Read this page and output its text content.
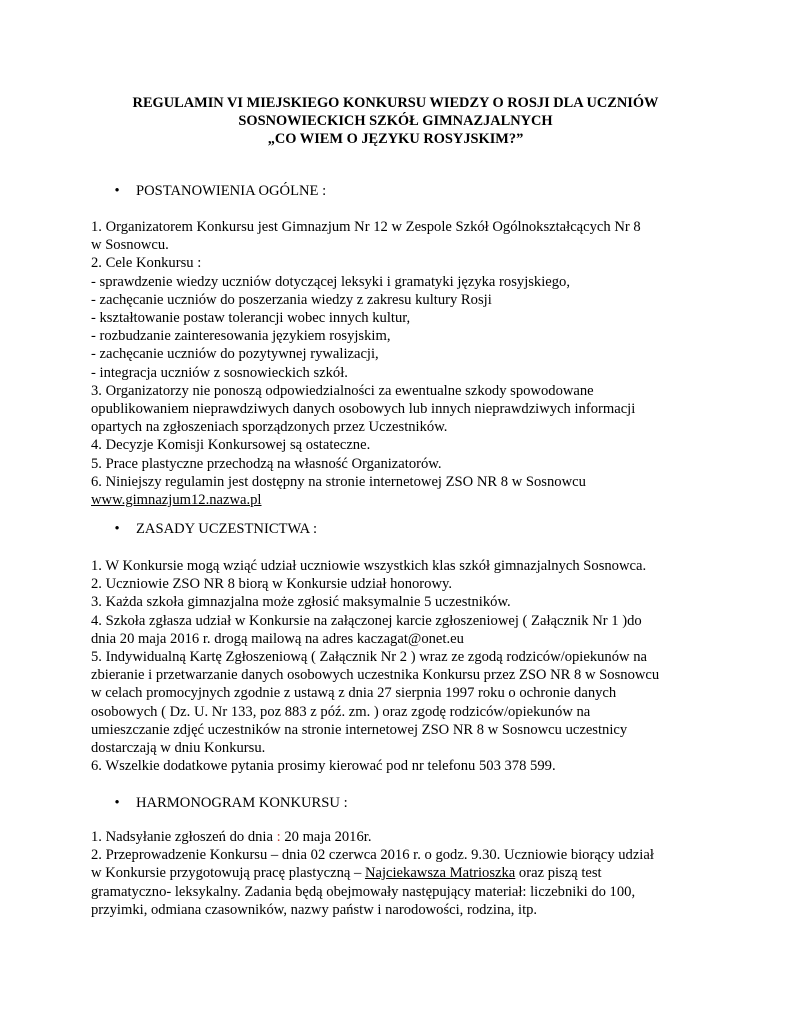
REGULAMIN VI MIEJSKIEGO KONKURSU WIEDZY O ROSJI DLA UCZNIÓW
SOSNOWIECKICH SZKÓŁ GIMNAZJALNYCH
„CO WIEM O JĘZYKU ROSYJSKIM?”
• POSTANOWIENIA OGÓLNE :
1. Organizatorem Konkursu jest Gimnazjum Nr 12 w Zespole Szkół Ogólnokształcących Nr 8
w Sosnowcu.
2. Cele Konkursu :
- sprawdzenie wiedzy uczniów dotyczącej leksyki i gramatyki języka rosyjskiego,
- zachęcanie uczniów do poszerzania wiedzy z zakresu kultury Rosji
- kształtowanie postaw tolerancji wobec innych kultur,
- rozbudzanie zainteresowania językiem rosyjskim,
- zachęcanie uczniów do pozytywnej rywalizacji,
- integracja uczniów z sosnowieckich szkół.
3. Organizatorzy nie ponoszą odpowiedzialności za ewentualne szkody spowodowane
opublikowaniem nieprawdziwych danych osobowych lub innych nieprawdziwych informacji
opartych na zgłoszeniach sporządzonych przez Uczestników.
4. Decyzje Komisji Konkursowej są ostateczne.
5. Prace plastyczne przechodzą na własność Organizatorów.
6. Niniejszy regulamin jest dostępny na stronie internetowej ZSO NR 8 w Sosnowcu
www.gimnazjum12.nazwa.pl
• ZASADY UCZESTNICTWA :
1. W Konkursie mogą wziąć udział uczniowie wszystkich klas szkół gimnazjalnych Sosnowca.
2. Uczniowie ZSO NR 8 biorą w Konkursie udział honorowy.
3. Każda szkoła gimnazjalna może zgłosić maksymalnie 5 uczestników.
4. Szkoła zgłasza udział w Konkursie na załączonej karcie zgłoszeniowej ( Załącznik Nr 1 )do
dnia 20 maja 2016 r. drogą mailową na adres kaczagat@onet.eu
5. Indywidualną Kartę Zgłoszeniową ( Załącznik Nr 2 ) wraz ze zgodą rodziców/opiekunów na
zbieranie i przetwarzanie danych osobowych uczestnika Konkursu przez ZSO NR 8 w Sosnowcu
w celach promocyjnych zgodnie z ustawą z dnia 27 sierpnia 1997 roku o ochronie danych
osobowych ( Dz. U. Nr 133, poz 883 z póź. zm. ) oraz zgodę rodziców/opiekunów na
umieszczanie zdjęć uczestników na stronie internetowej ZSO NR 8 w Sosnowcu uczestnicy
dostarczają w dniu Konkursu.
6. Wszelkie dodatkowe pytania prosimy kierować pod nr telefonu 503 378 599.
• HARMONOGRAM KONKURSU :
1. Nadsyłanie zgłoszeń do dnia : 20 maja 2016r.
2. Przeprowadzenie Konkursu – dnia 02 czerwca 2016 r. o godz. 9.30. Uczniowie biorący udział
w Konkursie przygotowują pracę plastyczną – Najciekawsza Matrioszka oraz piszą test
gramatyczno- leksykalny. Zadania będą obejmowały następujący materiał: liczebniki do 100,
przyimki, odmiana czasowników, nazwy państw i narodowości, rodzina, itp.
